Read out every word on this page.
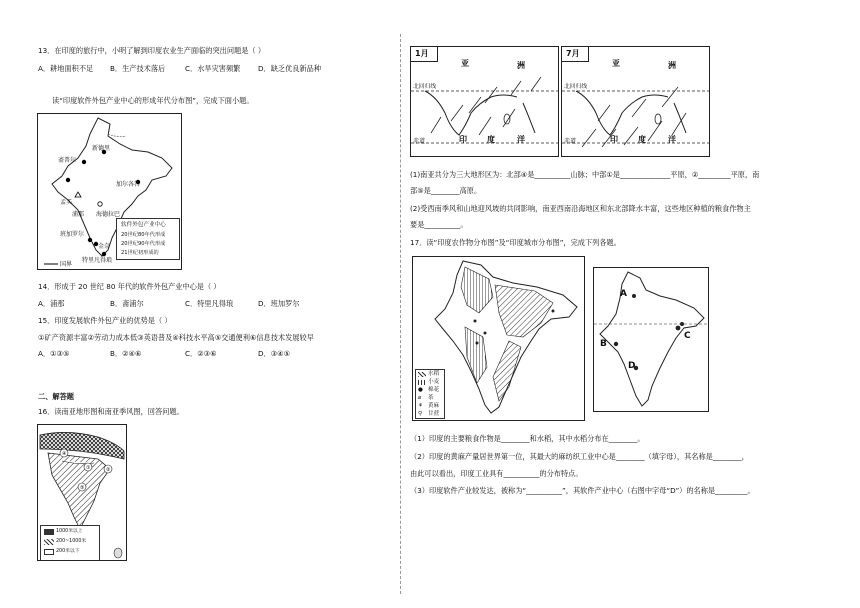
13．在印度的旅行中，小明了解到印度农业生产面临的突出问题是（ ）
A．耕地面积不足 B．生产技术落后	C．水旱灾害频繁 D．缺乏优良新品种
读“印度软件外包产业中心的形成年代分布图”，完成下面小题。
新德里
斋普尔
加尔各答
孟买
浦那 海德拉巴
班加罗尔
金奈
特里凡得琅
软件外包产业中心
20世纪80年代形成
20世纪90年代形成
21世纪初形成的
国界
14．形成于 20 世纪 80 年代的软件外包产业中心是（ ）
A．浦那	B．斋浦尔	C．特里凡得琅	D．班加罗尔
15．印度发展软件外包产业的优势是（ ）
①矿产资源丰富②劳动力成本低③英语普及④科技水平高⑤交通便利⑥信息技术发展较早
A．①③⑤	B．②④⑥	C．②③⑥	D．③④⑤
二、解答题
16．读南亚地形图和南亚季风图，回答问题。
④
①
⑤
②
1000米以上
200~1000米
200米以下
1月
亚	洲
北回归线
赤道	印	度	洋
7月
亚	洲
北回归线
赤道	印	度	洋
(1)南亚共分为三大地形区为：北部④是__________山脉；中部①是______________平原，②_________平原，南
部⑤是________高原。
(2)受西南季风和山地迎风坡的共同影响，南亚西南沿海地区和东北部降水丰富，这些地区种植的粮食作物主
要是__________。
17．读“印度农作物分布图”及“印度城市分布图”，完成下列各题。
水稻
小麦
● 棉花
⌀ 茶
⚘ 黄麻
⚲ 甘蔗
A
B
C
D
（1）印度的主要粮食作物是________和水稻，其中水稻分布在________。
（2）印度的黄麻产量居世界第一位，其最大的麻纺织工业中心是________（填字母），其名称是________，
由此可以看出，印度工业具有__________的分布特点。
（3）印度软件产业较发达，被称为“__________”，其软件产业中心（右图中字母“D”）的名称是_________。
